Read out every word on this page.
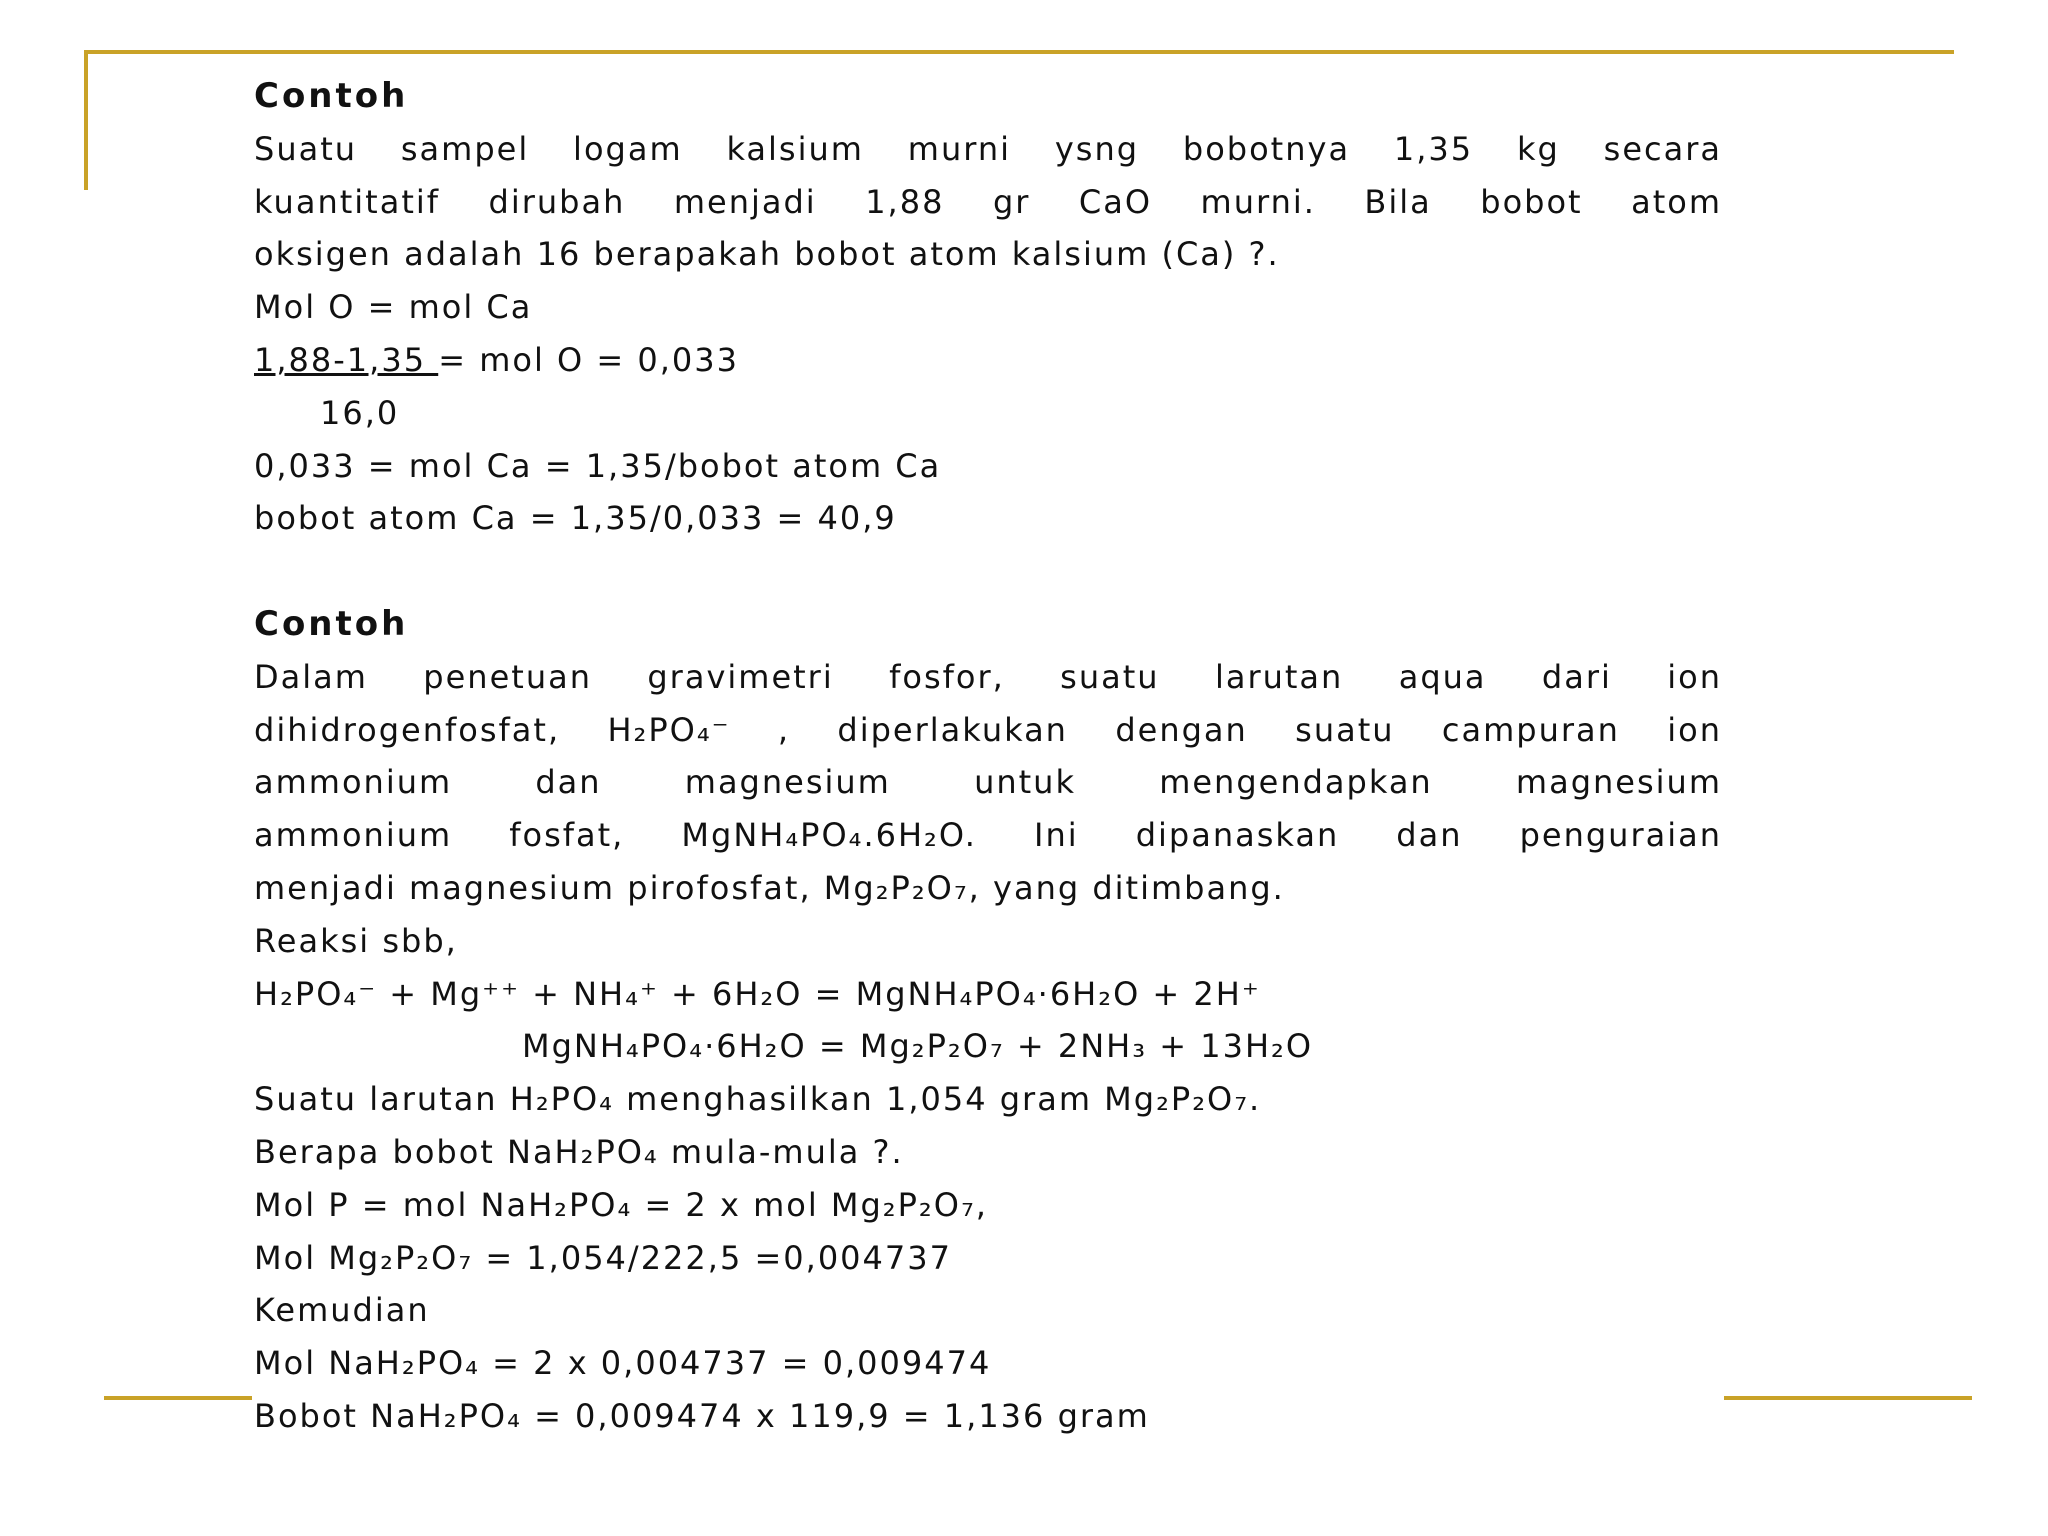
Contoh
Suatu sampel logam kalsium murni ysng bobotnya 1,35 kg secara
kuantitatif dirubah menjadi 1,88 gr CaO murni. Bila bobot atom
oksigen adalah 16 berapakah bobot atom kalsium (Ca) ?.
Mol O = mol Ca
1,88-1,35 = mol O = 0,033
16,0
0,033 = mol Ca = 1,35/bobot atom Ca
bobot atom Ca = 1,35/0,033 = 40,9
Contoh
Dalam penetuan gravimetri fosfor, suatu larutan aqua dari ion
dihidrogenfosfat, H₂PO₄⁻ , diperlakukan dengan suatu campuran ion
ammonium dan magnesium untuk mengendapkan magnesium
ammonium fosfat, MgNH₄PO₄.6H₂O. Ini dipanaskan dan penguraian
menjadi magnesium pirofosfat, Mg₂P₂O₇, yang ditimbang.
Reaksi sbb,
H₂PO₄⁻ + Mg⁺⁺ + NH₄⁺ + 6H₂O = MgNH₄PO₄·6H₂O + 2H⁺
MgNH₄PO₄·6H₂O = Mg₂P₂O₇ + 2NH₃ + 13H₂O
Suatu larutan H₂PO₄ menghasilkan 1,054 gram Mg₂P₂O₇.
Berapa bobot NaH₂PO₄ mula-mula ?.
Mol P = mol NaH₂PO₄ = 2 x mol Mg₂P₂O₇,
Mol Mg₂P₂O₇ = 1,054/222,5 =0,004737
Kemudian
Mol NaH₂PO₄ = 2 x 0,004737 = 0,009474
Bobot NaH₂PO₄ = 0,009474 x 119,9 = 1,136 gram
